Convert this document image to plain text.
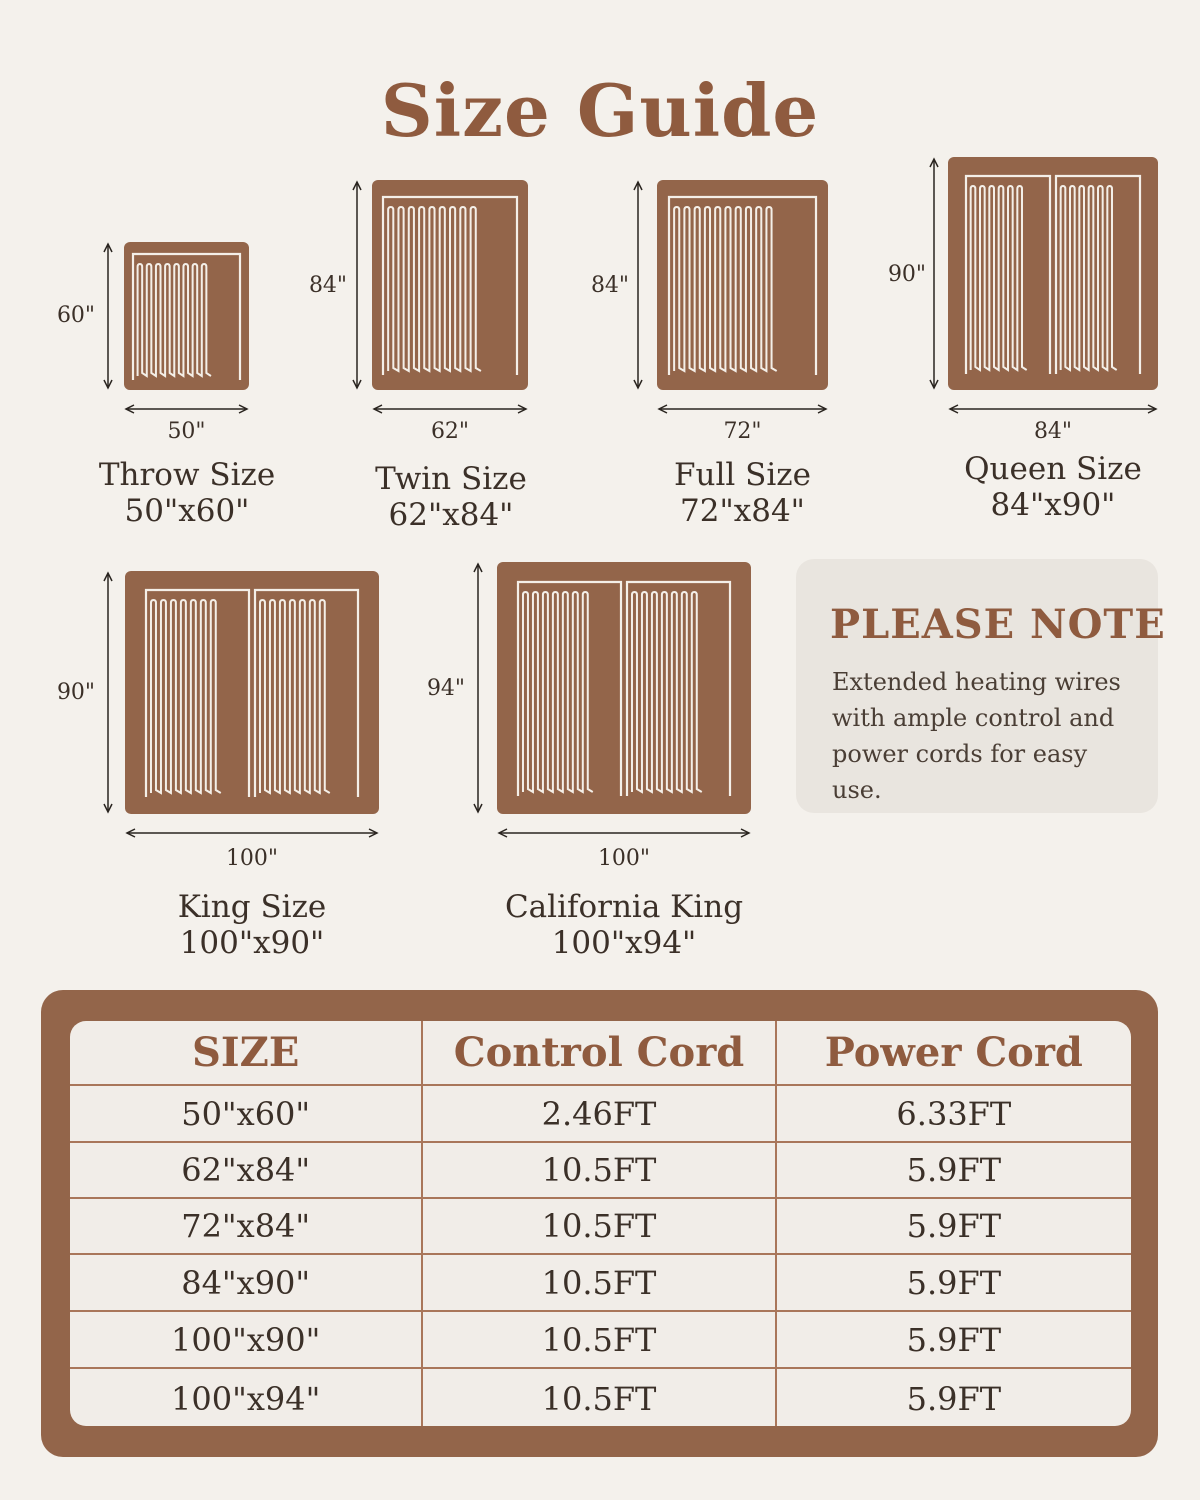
Size Guide
60"
50"
Throw Size
50"x60"
84"
62"
Twin Size
62"x84"
84"
72"
Full Size
72"x84"
90"
84"
Queen Size
84"x90"
90"
100"
King Size
100"x90"
94"
100"
California King
100"x94"
PLEASE NOTE
Extended heating wires with ample control and power cords for easy use.
SIZE	Control Cord	Power Cord
50"x60"	2.46FT	6.33FT
62"x84"	10.5FT	5.9FT
72"x84"	10.5FT	5.9FT
84"x90"	10.5FT	5.9FT
100"x90"	10.5FT	5.9FT
100"x94"	10.5FT	5.9FT
